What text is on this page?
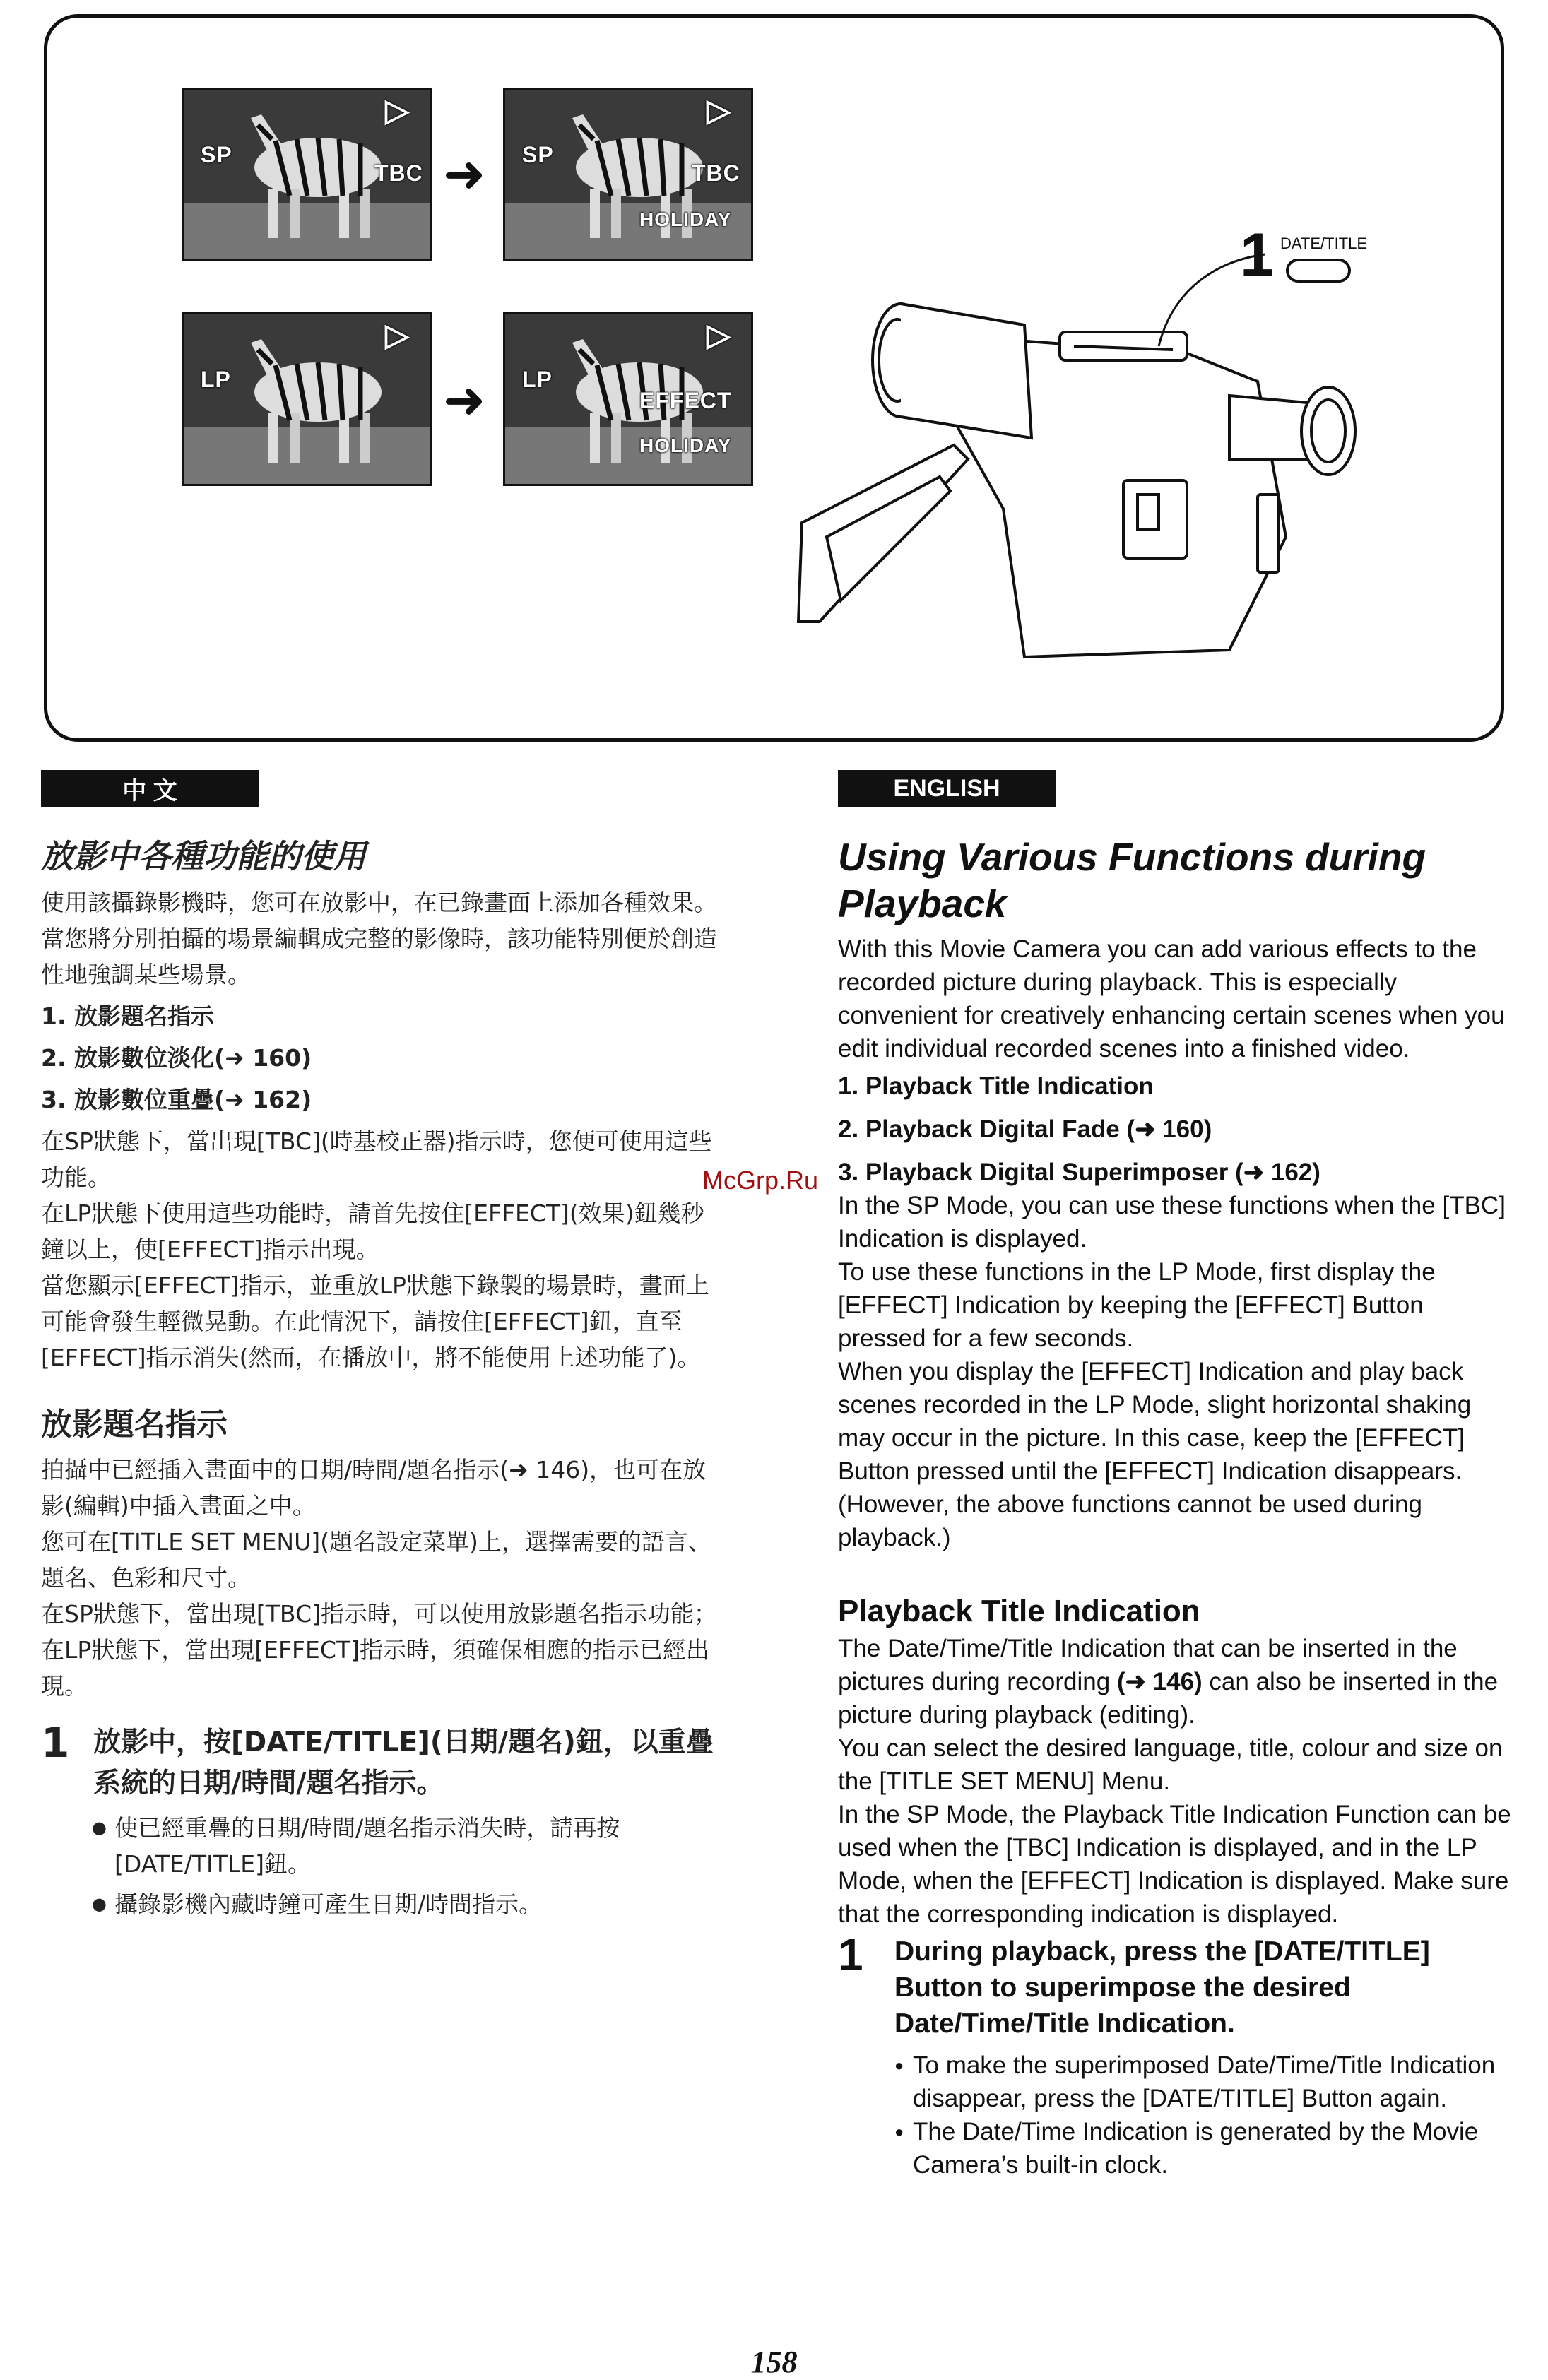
▷
SP
TBC ➜
▷
SP
TBC
HOLIDAY
▷
LP	➜
▷
LP
EFFECT
HOLIDAY
1 DATE/TITLE
中 文	ENGLISH
放影中各種功能的使用

使用該攝錄影機時，您可在放影中，在已錄畫面上添加各種效果。當您將分別拍攝的場景編輯成完整的影像時，該功能特別便於創造性地強調某些場景。

1. 放影題名指示

2. 放影數位淡化(➜ 160)

3. 放影數位重疊(➜ 162)

在SP狀態下，當出現[TBC](時基校正器)指示時，您便可使用這些功能。

在LP狀態下使用這些功能時，請首先按住[EFFECT](效果)鈕幾秒鐘以上，使[EFFECT]指示出現。

當您顯示[EFFECT]指示，並重放LP狀態下錄製的場景時，畫面上可能會發生輕微晃動。在此情況下，請按住[EFFECT]鈕，直至[EFFECT]指示消失(然而，在播放中，將不能使用上述功能了)。

放影題名指示

拍攝中已經插入畫面中的日期/時間/題名指示(➜ 146)，也可在放影(編輯)中插入畫面之中。

您可在[TITLE SET MENU](題名設定菜單)上，選擇需要的語言、題名、色彩和尺寸。

在SP狀態下，當出現[TBC]指示時，可以使用放影題名指示功能；在LP狀態下，當出現[EFFECT]指示時，須確保相應的指示已經出現。

1 放影中，按[DATE/TITLE](日期/題名)鈕，以重疊系統的日期/時間/題名指示。
● 使已經重疊的日期/時間/題名指示消失時，請再按[DATE/TITLE]鈕。
● 攝錄影機內藏時鐘可產生日期/時間指示。
Using Various Functions during Playback

With this Movie Camera you can add various effects to the recorded picture during playback. This is especially convenient for creatively enhancing certain scenes when you edit individual recorded scenes into a finished video.

1. Playback Title Indication

2. Playback Digital Fade (➜ 160)

3. Playback Digital Superimposer (➜ 162)

In the SP Mode, you can use these functions when the [TBC] Indication is displayed.

To use these functions in the LP Mode, first display the [EFFECT] Indication by keeping the [EFFECT] Button pressed for a few seconds.

When you display the [EFFECT] Indication and play back scenes recorded in the LP Mode, slight horizontal shaking may occur in the picture. In this case, keep the [EFFECT] Button pressed until the [EFFECT] Indication disappears. (However, the above functions cannot be used during playback.)

Playback Title Indication

The Date/Time/Title Indication that can be inserted in the pictures during recording (➜ 146) can also be inserted in the picture during playback (editing).

You can select the desired language, title, colour and size on the [TITLE SET MENU] Menu.

In the SP Mode, the Playback Title Indication Function can be used when the [TBC] Indication is displayed, and in the LP Mode, when the [EFFECT] Indication is displayed. Make sure that the corresponding indication is displayed.

1	During playback, press the [DATE/TITLE] Button to superimpose the desired Date/Time/Title Indication.
● To make the superimposed Date/Time/Title Indication disappear, press the [DATE/TITLE] Button again.
● The Date/Time Indication is generated by the Movie Camera’s built-in clock.
McGrp.Ru
158
